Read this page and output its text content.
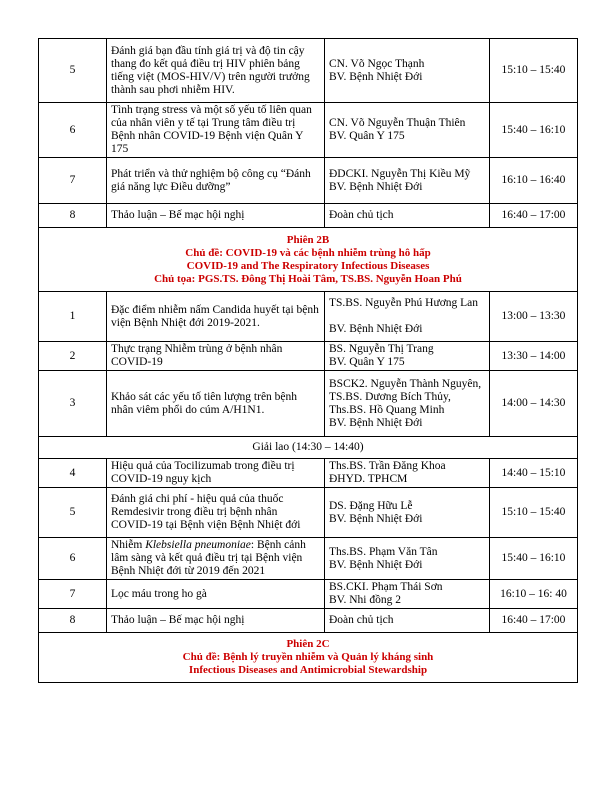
5	Đánh giá bạn đầu tính giá trị và độ tin cậy thang đo kết quả điều trị HIV phiên bảng tiếng việt (MOS-HIV/V) trên người trưởng thành sau phơi nhiễm HIV.	CN. Võ Ngọc Thạnh
BV. Bệnh Nhiệt Đới	15:10 – 15:40
6	Tình trạng stress và một số yếu tố liên quan của nhân viên y tế tại Trung tâm điều trị Bệnh nhân COVID-19 Bệnh viện Quân Y 175	CN. Võ Nguyễn Thuận Thiên
BV. Quân Y 175	15:40 – 16:10
7	Phát triển và thử nghiệm bộ công cụ “Đánh giá năng lực Điều dưỡng”	ĐDCKI. Nguyễn Thị Kiều Mỹ
BV. Bệnh Nhiệt Đới	16:10 – 16:40
8	Thảo luận – Bế mạc hội nghị	Đoàn chủ tịch	16:40 – 17:00

Phiên 2B
Chủ đề: COVID-19 và các bệnh nhiễm trùng hô hấp
COVID-19 and The Respiratory Infectious Diseases
Chủ tọa: PGS.TS. Đông Thị Hoài Tâm, TS.BS. Nguyễn Hoan Phú			

1	Đặc điểm nhiễm nấm Candida huyết tại bệnh viện Bệnh Nhiệt đới 2019-2021.	TS.BS. Nguyễn Phú Hương Lan
BV. Bệnh Nhiệt Đới	13:00 – 13:30
2	Thực trạng Nhiễm trùng ở bệnh nhân COVID-19	BS. Nguyễn Thị Trang
BV. Quân Y 175	13:30 – 14:00
3	Khảo sát các yếu tố tiên lượng trên bệnh nhân viêm phổi do cúm A/H1N1.	BSCK2. Nguyễn Thành Nguyên, TS.BS. Dương Bích Thủy, Ths.BS. Hồ Quang Minh
BV. Bệnh Nhiệt Đới	14:00 – 14:30
Giải lao (14:30 – 14:40)			
4	Hiệu quả của Tocilizumab trong điều trị COVID-19 nguy kịch	Ths.BS. Trần Đăng Khoa
ĐHYD. TPHCM	14:40 – 15:10
5	Đánh giá chi phí - hiệu quả của thuốc Remdesivir trong điều trị bệnh nhân COVID-19 tại Bệnh viện Bệnh Nhiệt đới	DS. Đặng Hữu Lễ
BV. Bệnh Nhiệt Đới	15:10 – 15:40
6	Nhiễm Klebsiella pneumoniae: Bệnh cảnh lâm sàng và kết quả điều trị tại Bệnh viện Bệnh Nhiệt đới từ 2019 đến 2021	Ths.BS. Phạm Văn Tân
BV. Bệnh Nhiệt Đới	15:40 – 16:10
7	Lọc máu trong ho gà	BS.CKI. Phạm Thái Sơn
BV. Nhi đồng 2	16:10 – 16: 40
8	Thảo luận – Bế mạc hội nghị	Đoàn chủ tịch	16:40 – 17:00

Phiên 2C
Chủ đề: Bệnh lý truyền nhiễm và Quản lý kháng sinh
Infectious Diseases and Antimicrobial Stewardship			
